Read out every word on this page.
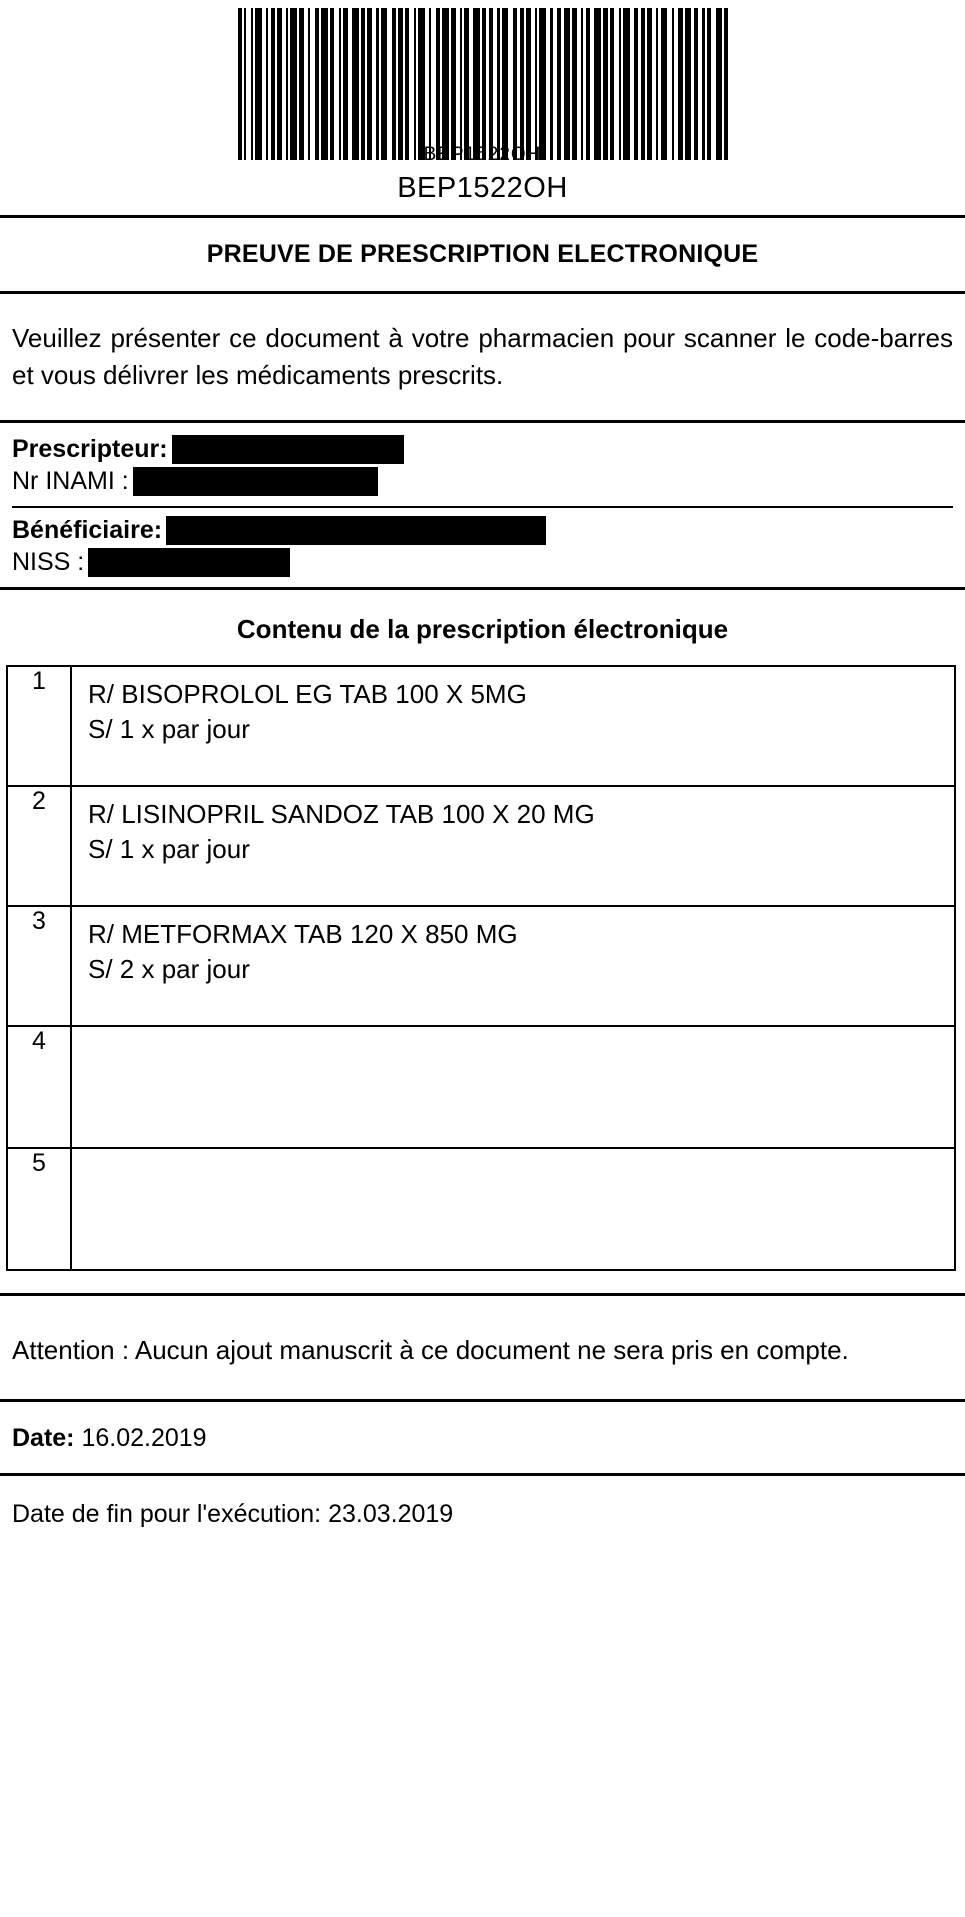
BEP1522OH
BEP1522OH
PREUVE DE PRESCRIPTION ELECTRONIQUE
Veuillez présenter ce document à votre pharmacien pour scanner le code-barres et vous délivrer les médicaments prescrits.
Prescripteur:
Nr INAMI :
Bénéficiaire:
NISS :
Contenu de la prescription électronique
1	R/ BISOPROLOL EG TAB 100 X 5MG
S/ 1 x par jour

2	R/ LISINOPRIL SANDOZ TAB 100 X 20 MG
S/ 1 x par jour

3	R/ METFORMAX TAB 120 X 850 MG
S/ 2 x par jour

4	

5	
Attention : Aucun ajout manuscrit à ce document ne sera pris en compte.
Date: 16.02.2019
Date de fin pour l'exécution: 23.03.2019
